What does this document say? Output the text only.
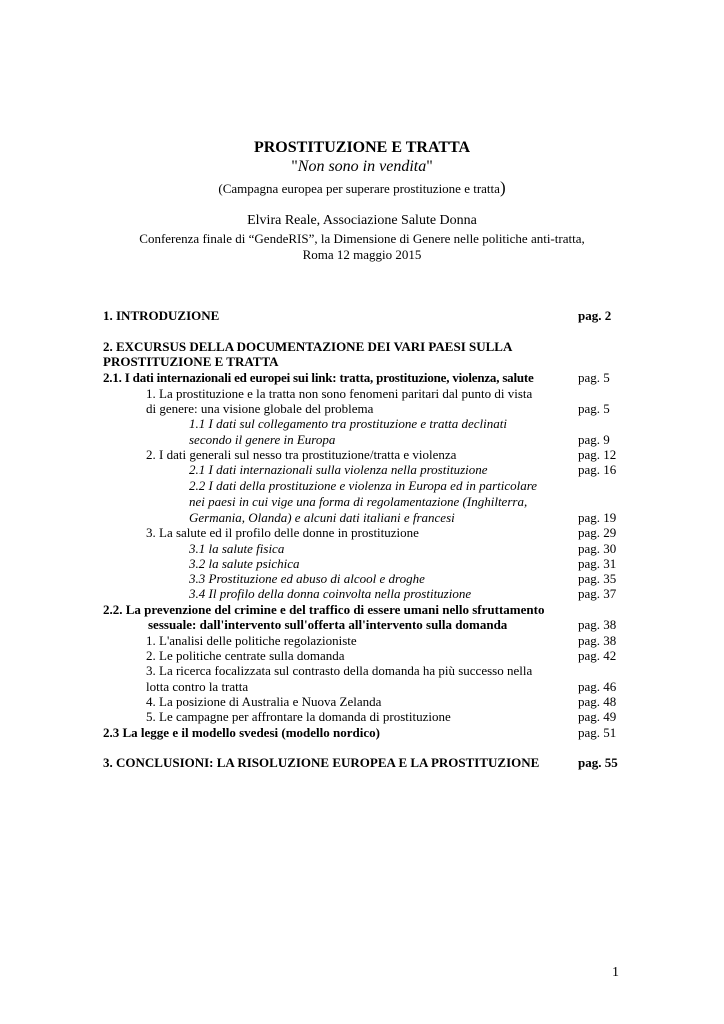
PROSTITUZIONE E TRATTA
"Non sono in vendita"
(Campagna europea per superare prostituzione e tratta)
Elvira Reale, Associazione Salute Donna
Conferenza finale di “GendeRIS”, la Dimensione di Genere nelle politiche anti-tratta,
Roma 12 maggio 2015
1. INTRODUZIONE	pag. 2
2. EXCURSUS DELLA DOCUMENTAZIONE DEI VARI PAESI SULLA
PROSTITUZIONE E TRATTA
2.1. I dati internazionali ed europei sui link: tratta, prostituzione, violenza, salute	pag. 5
1. La prostituzione e la tratta non sono fenomeni paritari dal punto di vista
di genere: una visione globale del problema	pag. 5
1.1 I dati sul collegamento tra prostituzione e tratta declinati
secondo il genere in Europa	pag. 9
2. I dati generali sul nesso tra prostituzione/tratta e violenza	pag. 12
2.1 I dati internazionali sulla violenza nella prostituzione	pag. 16
2.2 I dati della prostituzione e violenza in Europa ed in particolare
nei paesi in cui vige una forma di regolamentazione (Inghilterra,
Germania, Olanda) e alcuni dati italiani e francesi	pag. 19
3. La salute ed il profilo delle donne in prostituzione	pag. 29
3.1 la salute fisica	pag. 30
3.2 la salute psichica	pag. 31
3.3 Prostituzione ed abuso di alcool e droghe	pag. 35
3.4 Il profilo della donna coinvolta nella prostituzione	pag. 37
2.2. La prevenzione del crimine e del traffico di essere umani nello sfruttamento
sessuale: dall'intervento sull'offerta all'intervento sulla domanda	pag. 38
1. L'analisi delle politiche regolazioniste	pag. 38
2. Le politiche centrate sulla domanda	pag. 42
3. La ricerca focalizzata sul contrasto della domanda ha più successo nella
lotta contro la tratta	pag. 46
4. La posizione di Australia e Nuova Zelanda	pag. 48
5. Le campagne per affrontare la domanda di prostituzione	pag. 49
2.3 La legge e il modello svedesi (modello nordico)	pag. 51
3. CONCLUSIONI: LA RISOLUZIONE EUROPEA E LA PROSTITUZIONE	pag. 55
1
